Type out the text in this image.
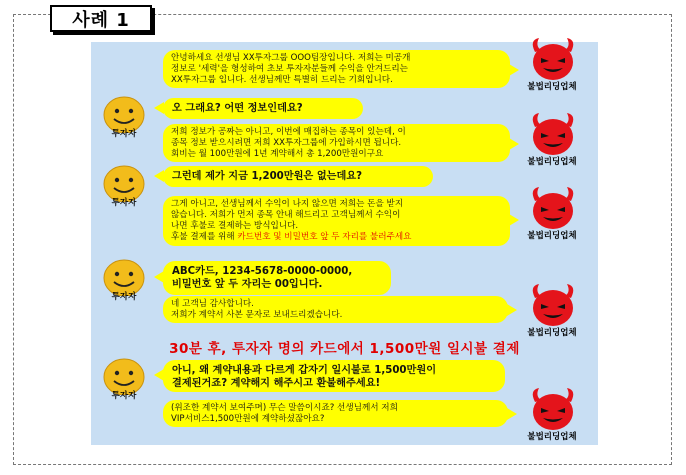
사례 1
안녕하세요 선생님 XX투자그룹 OOO팀장입니다. 저희는 미공개
정보로 '세력'을 형성하여 초보 투자자분들께 수익을 안겨드리는
XX투자그룹 입니다. 선생님께만 특별히 드리는 기회입니다.
불법리딩업체
투자자
오 그래요? 어떤 정보인데요?
저희 정보가 공짜는 아니고, 이번에 매집하는 종목이 있는데, 이
종목 정보 받으시려면 저희 XX투자그룹에 가입하시면 됩니다.
회비는 월 100만원에 1년 계약해서 총 1,200만원이구요
불법리딩업체
투자자
그런데 제가 지금 1,200만원은 없는데요?
그게 아니고, 선생님께서 수익이 나지 않으면 저희는 돈을 받지
않습니다. 저희가 먼저 종목 안내 해드리고 고객님께서 수익이
나면 후불로 결제하는 방식입니다.
후불 결제를 위해 카드번호 및 비밀번호 앞 두 자리를 불러주세요	불법리딩업체
투자자
ABC카드, 1234-5678-0000-0000,
비밀번호 앞 두 자리는 00입니다.
네 고객님 감사합니다.
저희가 계약서 사본 문자로 보내드리겠습니다.
불법리딩업체
30분 후, 투자자 명의 카드에서 1,500만원 일시불 결제
투자자
아니, 왜 계약내용과 다르게 갑자기 일시불로 1,500만원이
결제된거죠? 계약해지 해주시고 환불해주세요!
(위조한 계약서 보여주며) 무슨 말씀이시죠? 선생님께서 저희
VIP서비스1,500만원에 계약하셨잖아요?
불법리딩업체
